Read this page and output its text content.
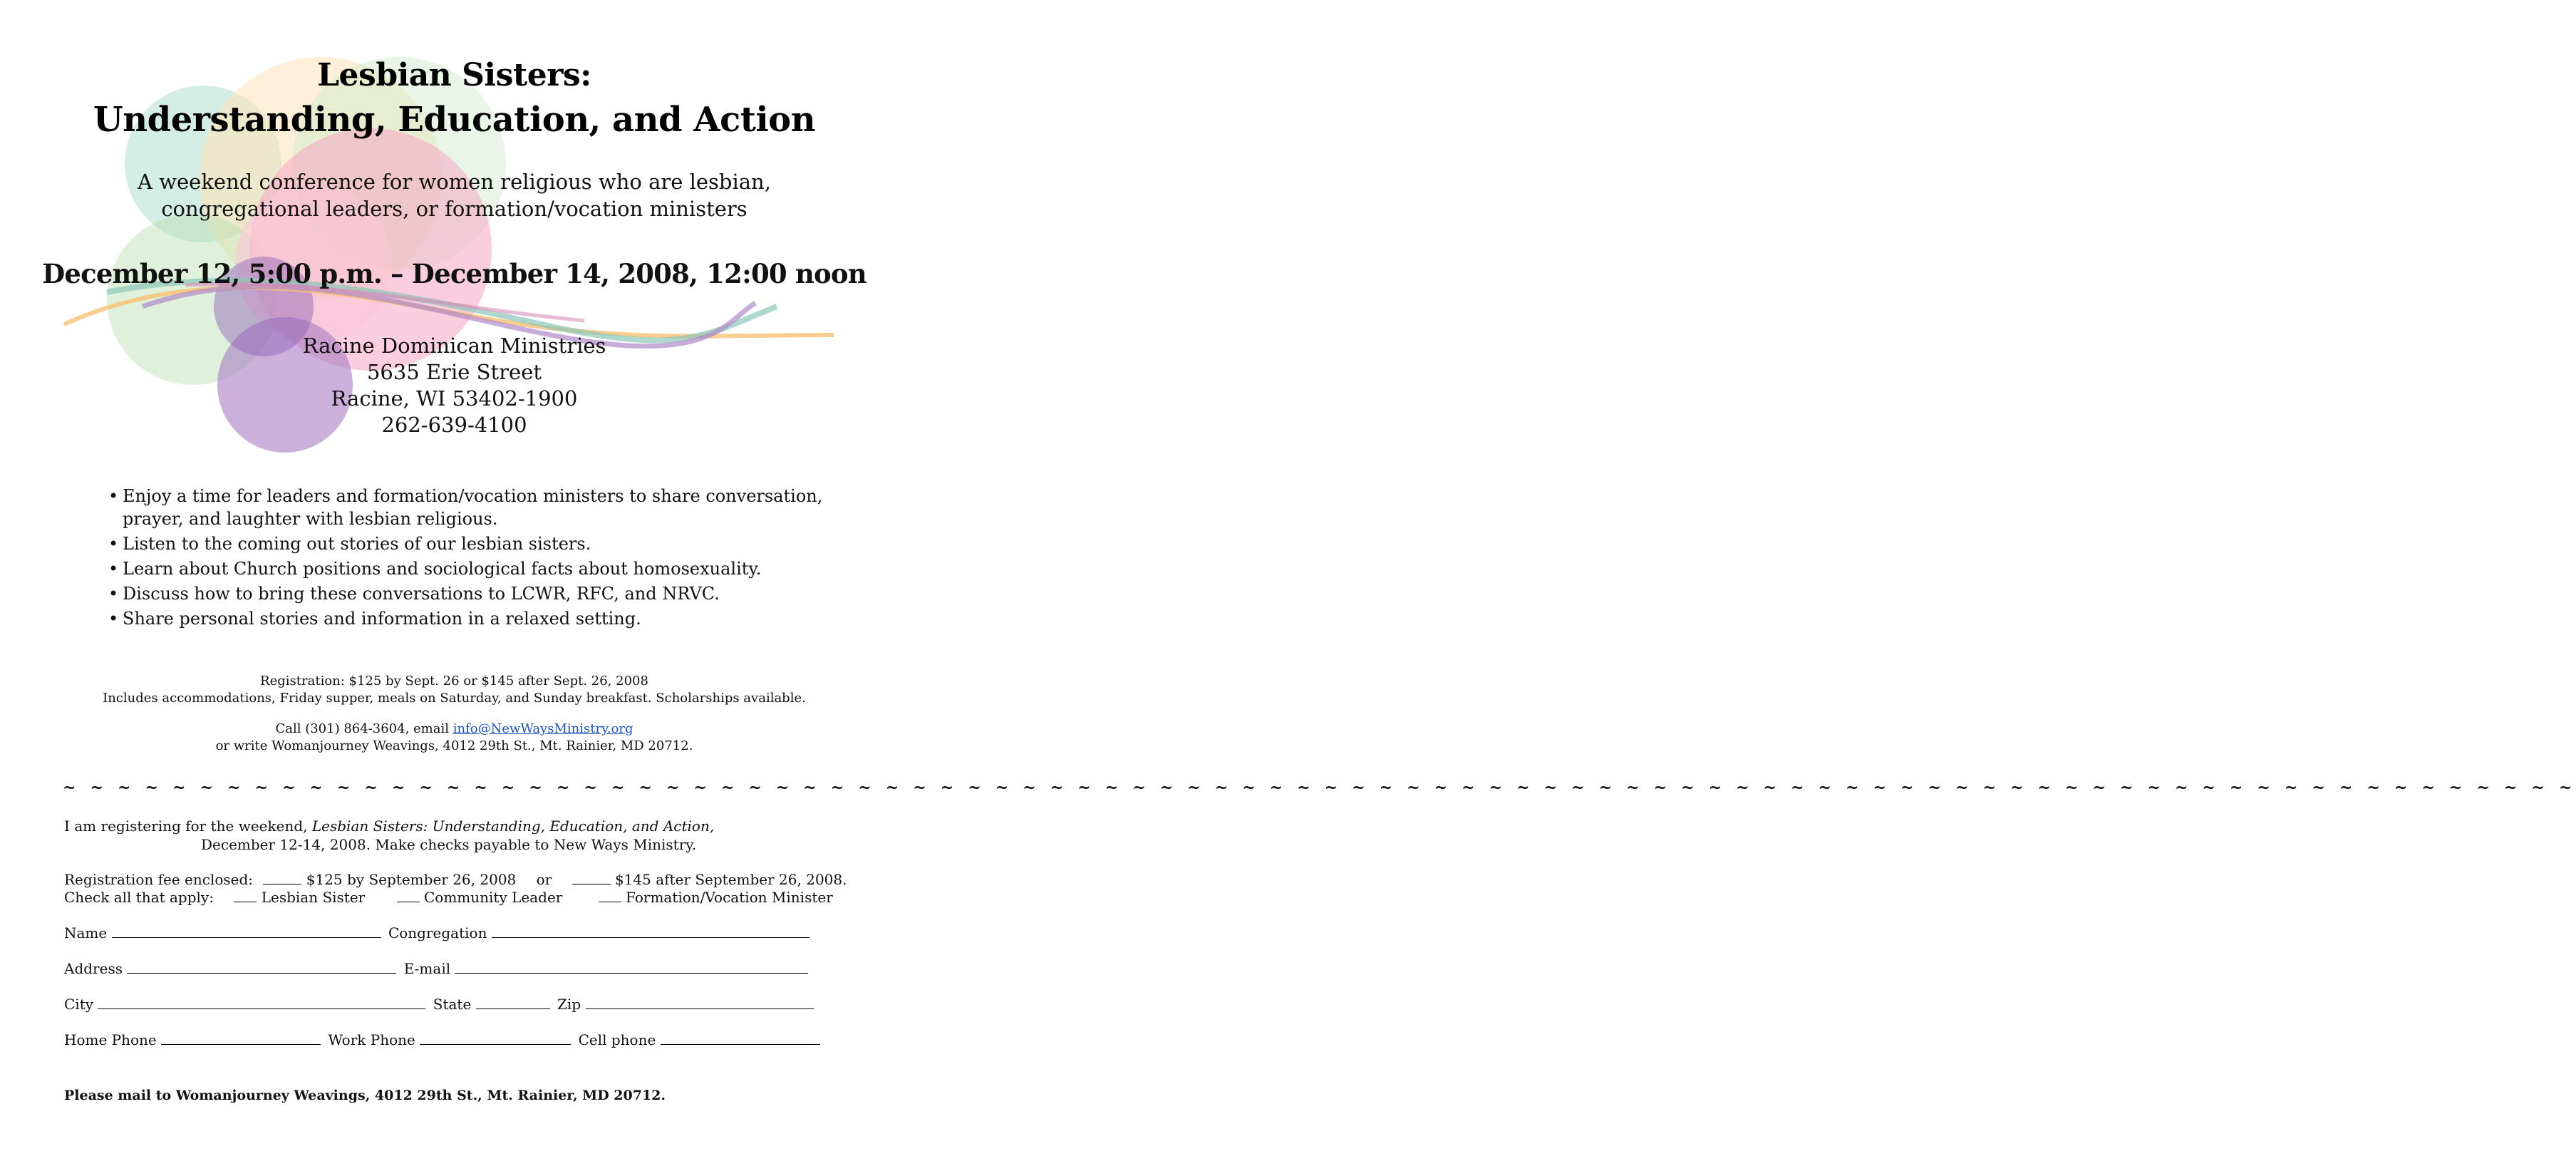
Lesbian Sisters:
Understanding, Education, and Action
A weekend conference for women religious who are lesbian,
congregational leaders, or formation/vocation ministers
December 12, 5:00 p.m. – December 14, 2008, 12:00 noon
Racine Dominican Ministries
5635 Erie Street
Racine, WI 53402-1900
262-639-4100
• Enjoy a time for leaders and formation/vocation ministers to share conversation, prayer, and laughter with lesbian religious.
• Listen to the coming out stories of our lesbian sisters.
• Learn about Church positions and sociological facts about homosexuality.
• Discuss how to bring these conversations to LCWR, RFC, and NRVC.
• Share personal stories and information in a relaxed setting.
Registration: $125 by Sept. 26 or $145 after Sept. 26, 2008
Includes accommodations, Friday supper, meals on Saturday, and Sunday breakfast. Scholarships available.
Call (301) 864-3604, email info@NewWaysMinistry.org
or write Womanjourney Weavings, 4012 29th St., Mt. Rainier, MD 20712.
~ ~ ~ ~ ~ ~ ~ ~ ~ ~ ~ ~ ~ ~ ~ ~ ~ ~ ~ ~ ~ ~ ~ ~ ~ ~ ~ ~ ~ ~ ~ ~ ~ ~ ~ ~ ~ ~ ~ ~ ~ ~ ~ ~ ~ ~ ~ ~ ~ ~ ~ ~ ~ ~ ~ ~ ~ ~ ~ ~ ~ ~ ~ ~ ~ ~ ~ ~ ~ ~ ~ ~ ~ ~ ~ ~ ~ ~ ~ ~ ~ ~ ~ ~ ~ ~ ~ ~ ~ ~ ~ ~
I am registering for the weekend, Lesbian Sisters: Understanding, Education, and Action,
December 12-14, 2008. Make checks payable to New Ways Ministry.
Registration fee enclosed:	$125 by September 26, 2008 or	$145 after September 26, 2008.
Check all that apply:	Lesbian Sister	Community Leader	Formation/Vocation Minister
Name	Congregation
Address	E-mail
City	State	Zip
Home Phone	Work Phone	Cell phone
Please mail to Womanjourney Weavings, 4012 29th St., Mt. Rainier, MD 20712.
